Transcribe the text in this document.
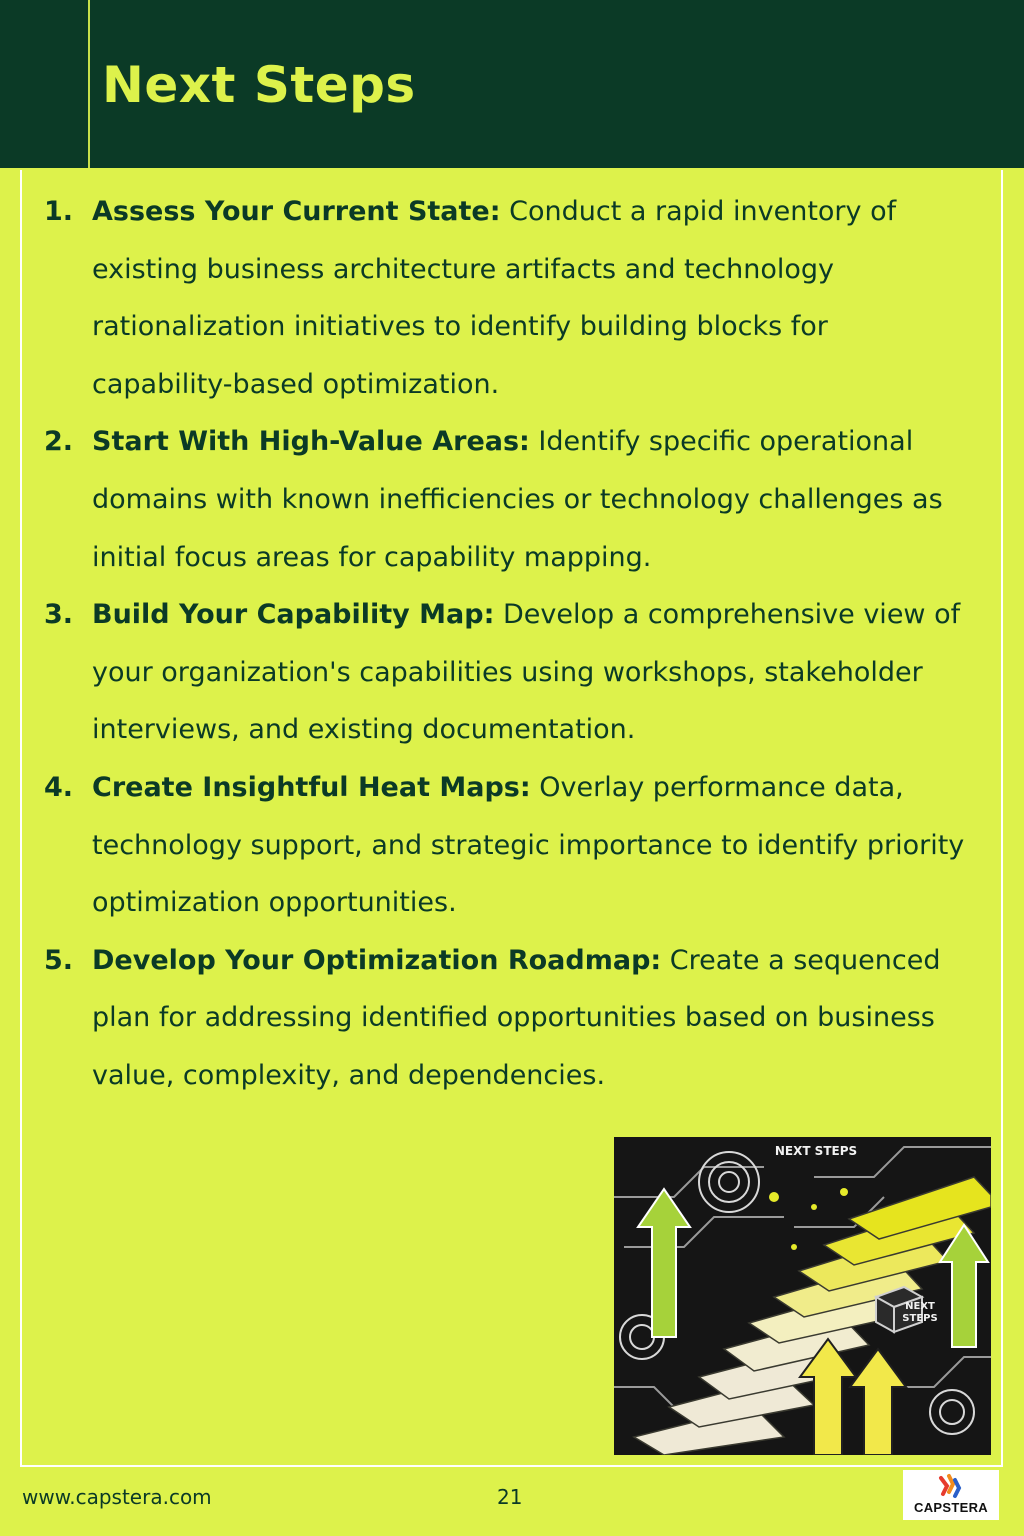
Next Steps
1. Assess Your Current State: Conduct a rapid inventory of existing business architecture artifacts and technology rationalization initiatives to identify building blocks for capability-based optimization.
2. Start With High-Value Areas: Identify specific operational domains with known inefficiencies or technology challenges as initial focus areas for capability mapping.
3. Build Your Capability Map: Develop a comprehensive view of your organization's capabilities using workshops, stakeholder interviews, and existing documentation.
4. Create Insightful Heat Maps: Overlay performance data, technology support, and strategic importance to identify priority optimization opportunities.
5. Develop Your Optimization Roadmap: Create a sequenced plan for addressing identified opportunities based on business value, complexity, and dependencies.
NEXT STEPS
NEXT
STEPS
www.capstera.com	21	CAPSTERA
